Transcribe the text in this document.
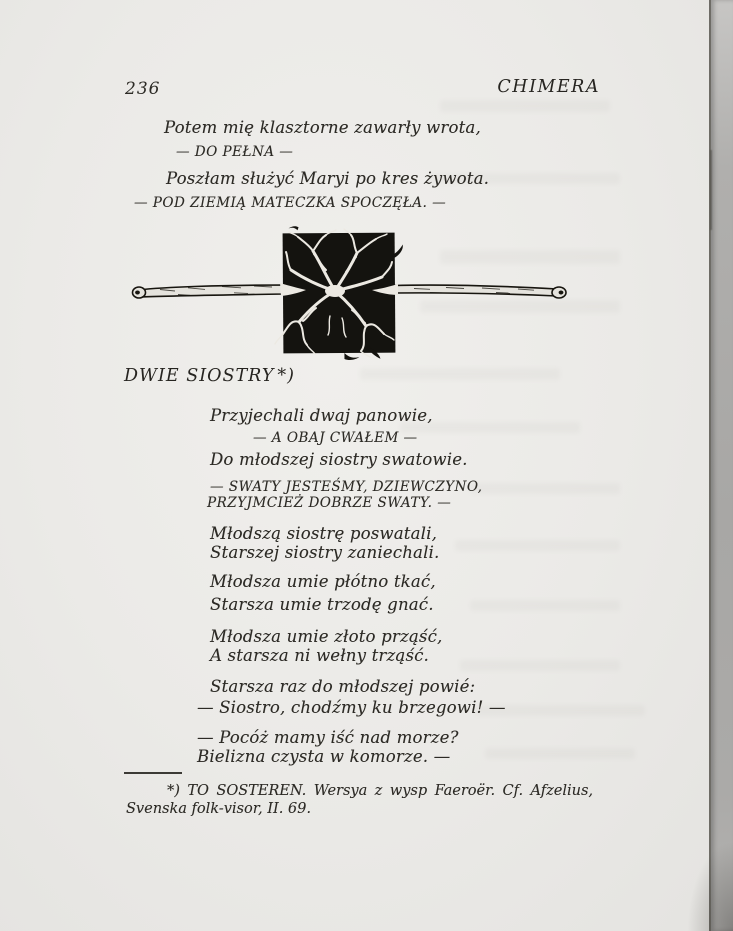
236	CHIMERA
Potem mię klasztorne zawarły wrota,
— DO PEŁNA —
Poszłam służyć Maryi po kres żywota.
— POD ZIEMIĄ MATECZKA SPOCZĘŁA. —
DWIE SIOSTRY *)
Przyjechali dwaj panowie,
— A OBAJ CWAŁEM —
Do młodszej siostry swatowie.
— SWATY JESTEŚMY, DZIEWCZYNO,
PRZYJMCIEŻ DOBRZE SWATY. —
Młodszą siostrę poswatali,
Starszej siostry zaniechali.
Młodsza umie płótno tkać,
Starsza umie trzodę gnać.
Młodsza umie złoto prząść,
A starsza ni wełny trząść.
Starsza raz do młodszej powié:
— Siostro, chodźmy ku brzegowi! —
— Pocóż mamy iść nad morze?
Bielizna czysta w komorze. —
*) TO SOSTEREN. Wersya z wysp Faeroër. Cf. Afzelius,
Svenska folk-visor, II. 69.
